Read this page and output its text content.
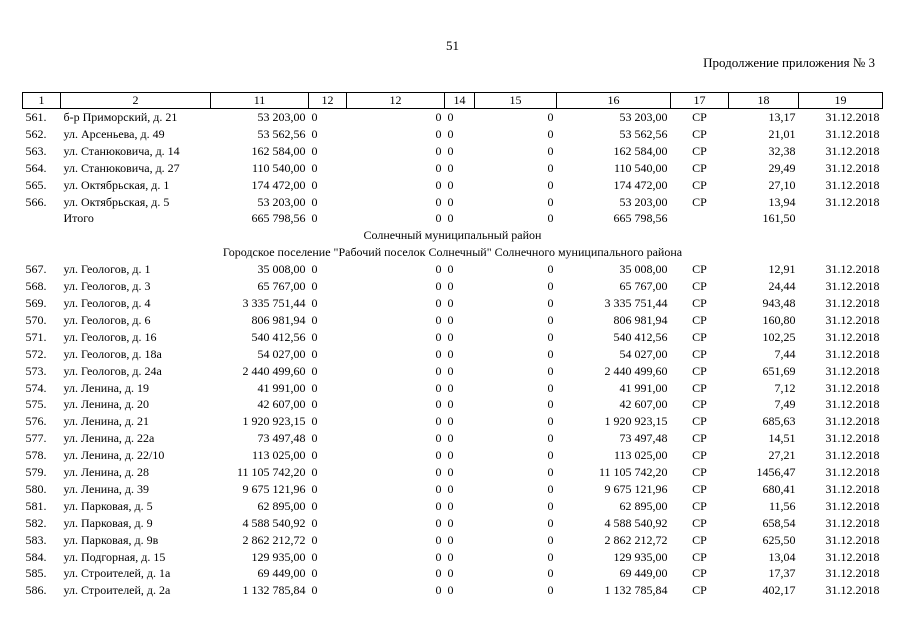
51
Продолжение приложения № 3
1	2	11	12	12	14	15	16	17	18	19
561.	б-р Приморский, д. 21	53 203,00	0	0	0	0	53 203,00	СР	13,17	31.12.2018
562.	ул. Арсеньева, д. 49	53 562,56	0	0	0	0	53 562,56	СР	21,01	31.12.2018
563.	ул. Станюковича, д. 14	162 584,00	0	0	0	0	162 584,00	СР	32,38	31.12.2018
564.	ул. Станюковича, д. 27	110 540,00	0	0	0	0	110 540,00	СР	29,49	31.12.2018
565.	ул. Октябрьская, д. 1	174 472,00	0	0	0	0	174 472,00	СР	27,10	31.12.2018
566.	ул. Октябрьская, д. 5	53 203,00	0	0	0	0	53 203,00	СР	13,94	31.12.2018
	Итого	665 798,56	0	0	0	0	665 798,56		161,50	
Солнечный муниципальный район										
Городское поселение "Рабочий поселок Солнечный" Солнечного муниципального района										
567.	ул. Геологов, д. 1	35 008,00	0	0	0	0	35 008,00	СР	12,91	31.12.2018
568.	ул. Геологов, д. 3	65 767,00	0	0	0	0	65 767,00	СР	24,44	31.12.2018
569.	ул. Геологов, д. 4	3 335 751,44	0	0	0	0	3 335 751,44	СР	943,48	31.12.2018
570.	ул. Геологов, д. 6	806 981,94	0	0	0	0	806 981,94	СР	160,80	31.12.2018
571.	ул. Геологов, д. 16	540 412,56	0	0	0	0	540 412,56	СР	102,25	31.12.2018
572.	ул. Геологов, д. 18а	54 027,00	0	0	0	0	54 027,00	СР	7,44	31.12.2018
573.	ул. Геологов, д. 24а	2 440 499,60	0	0	0	0	2 440 499,60	СР	651,69	31.12.2018
574.	ул. Ленина, д. 19	41 991,00	0	0	0	0	41 991,00	СР	7,12	31.12.2018
575.	ул. Ленина, д. 20	42 607,00	0	0	0	0	42 607,00	СР	7,49	31.12.2018
576.	ул. Ленина, д. 21	1 920 923,15	0	0	0	0	1 920 923,15	СР	685,63	31.12.2018
577.	ул. Ленина, д. 22а	73 497,48	0	0	0	0	73 497,48	СР	14,51	31.12.2018
578.	ул. Ленина, д. 22/10	113 025,00	0	0	0	0	113 025,00	СР	27,21	31.12.2018
579.	ул. Ленина, д. 28	11 105 742,20	0	0	0	0	11 105 742,20	СР	1456,47	31.12.2018
580.	ул. Ленина, д. 39	9 675 121,96	0	0	0	0	9 675 121,96	СР	680,41	31.12.2018
581.	ул. Парковая, д. 5	62 895,00	0	0	0	0	62 895,00	СР	11,56	31.12.2018
582.	ул. Парковая, д. 9	4 588 540,92	0	0	0	0	4 588 540,92	СР	658,54	31.12.2018
583.	ул. Парковая, д. 9в	2 862 212,72	0	0	0	0	2 862 212,72	СР	625,50	31.12.2018
584.	ул. Подгорная, д. 15	129 935,00	0	0	0	0	129 935,00	СР	13,04	31.12.2018
585.	ул. Строителей, д. 1а	69 449,00	0	0	0	0	69 449,00	СР	17,37	31.12.2018
586.	ул. Строителей, д. 2а	1 132 785,84	0	0	0	0	1 132 785,84	СР	402,17	31.12.2018
